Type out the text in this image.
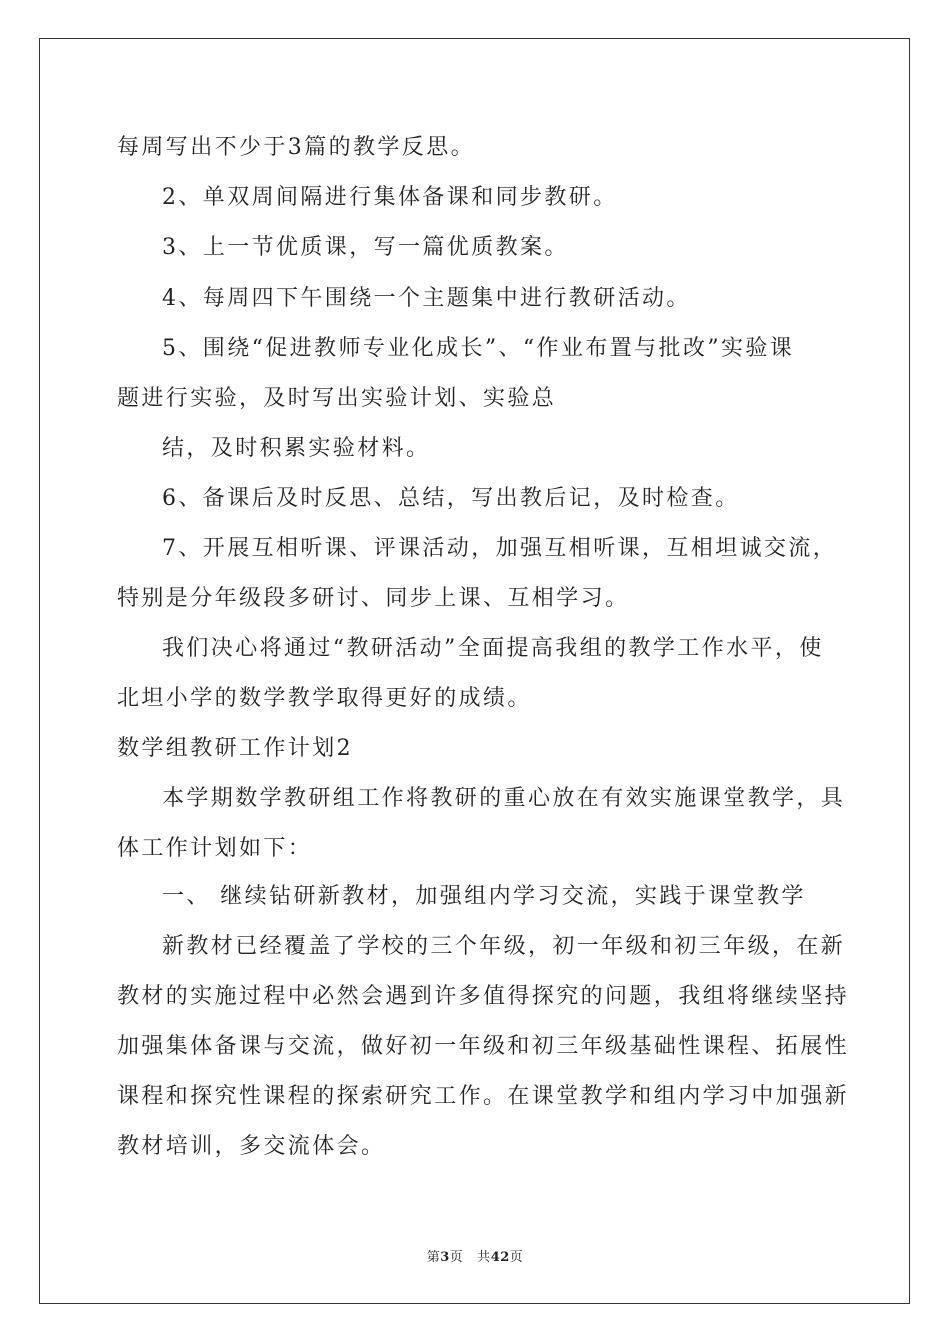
每周写出不少于3篇的教学反思。
2、单双周间隔进行集体备课和同步教研。
3、上一节优质课，写一篇优质教案。
4、每周四下午围绕一个主题集中进行教研活动。
5、围绕“促进教师专业化成长”、“作业布置与批改”实验课
题进行实验，及时写出实验计划、实验总
结，及时积累实验材料。
6、备课后及时反思、总结，写出教后记，及时检查。
7、开展互相听课、评课活动，加强互相听课，互相坦诚交流，
特别是分年级段多研讨、同步上课、互相学习。
我们决心将通过“教研活动”全面提高我组的教学工作水平，使
北坦小学的数学教学取得更好的成绩。
数学组教研工作计划2
本学期数学教研组工作将教研的重心放在有效实施课堂教学，具
体工作计划如下：
一、 继续钻研新教材，加强组内学习交流，实践于课堂教学
新教材已经覆盖了学校的三个年级，初一年级和初三年级，在新
教材的实施过程中必然会遇到许多值得探究的问题，我组将继续坚持
加强集体备课与交流，做好初一年级和初三年级基础性课程、拓展性
课程和探究性课程的探索研究工作。在课堂教学和组内学习中加强新
教材培训，多交流体会。
第3页 共42页
